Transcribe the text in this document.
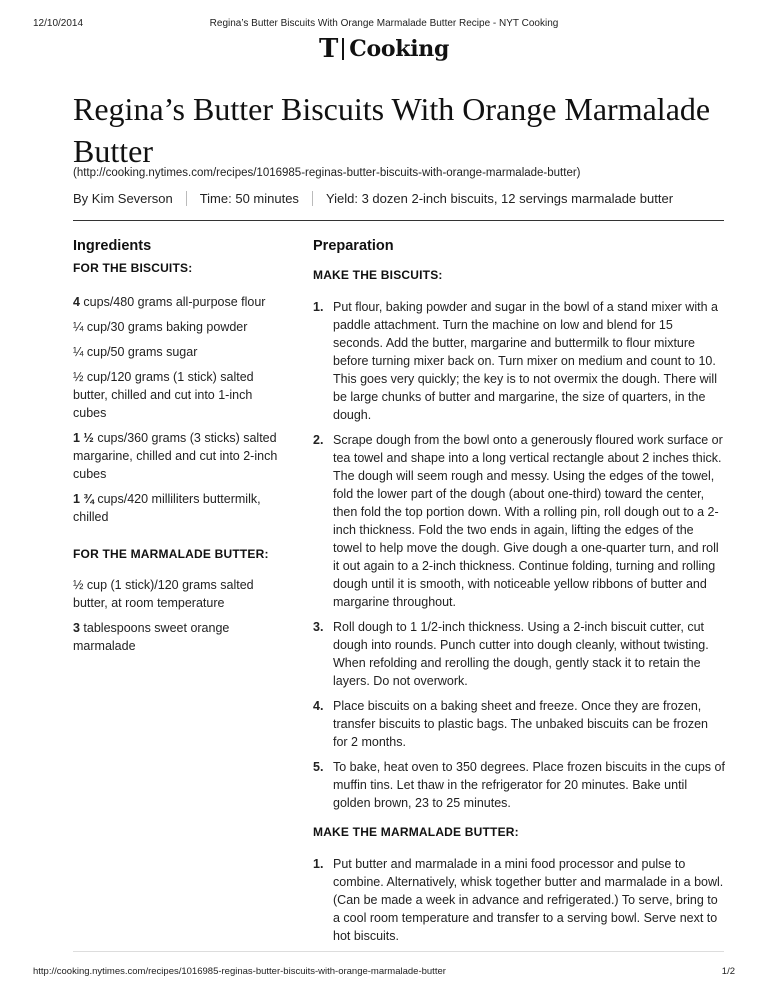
12/10/2014	Regina’s Butter Biscuits With Orange Marmalade Butter Recipe - NYT Cooking
T Cooking
Regina’s Butter Biscuits With Orange Marmalade Butter
(http://cooking.nytimes.com/recipes/1016985-reginas-butter-biscuits-with-orange-marmalade-butter)
By Kim Severson Time: 50 minutes Yield: 3 dozen 2-inch biscuits, 12 servings marmalade butter
Ingredients
FOR THE BISCUITS:
4 cups/480 grams all-purpose flour
¼ cup/30 grams baking powder
¼ cup/50 grams sugar
½ cup/120 grams (1 stick) salted butter, chilled and cut into 1-inch cubes
1 ½ cups/360 grams (3 sticks) salted margarine, chilled and cut into 2-inch cubes
1 ¾ cups/420 milliliters buttermilk, chilled
FOR THE MARMALADE BUTTER:
½ cup (1 stick)/120 grams salted butter, at room temperature
3 tablespoons sweet orange marmalade
Preparation
MAKE THE BISCUITS:
1. Put flour, baking powder and sugar in the bowl of a stand mixer with a paddle attachment. Turn the machine on low and blend for 15 seconds. Add the butter, margarine and buttermilk to flour mixture before turning mixer back on. Turn mixer on medium and count to 10. This goes very quickly; the key is to not overmix the dough. There will be large chunks of butter and margarine, the size of quarters, in the dough.
2. Scrape dough from the bowl onto a generously floured work surface or tea towel and shape into a long vertical rectangle about 2 inches thick. The dough will seem rough and messy. Using the edges of the towel, fold the lower part of the dough (about one-third) toward the center, then fold the top portion down. With a rolling pin, roll dough out to a 2-inch thickness. Fold the two ends in again, lifting the edges of the towel to help move the dough. Give dough a one-quarter turn, and roll it out again to a 2-inch thickness. Continue folding, turning and rolling dough until it is smooth, with noticeable yellow ribbons of butter and margarine throughout.
3. Roll dough to 1 1/2-inch thickness. Using a 2-inch biscuit cutter, cut dough into rounds. Punch cutter into dough cleanly, without twisting. When refolding and rerolling the dough, gently stack it to retain the layers. Do not overwork.
4. Place biscuits on a baking sheet and freeze. Once they are frozen, transfer biscuits to plastic bags. The unbaked biscuits can be frozen for 2 months.
5. To bake, heat oven to 350 degrees. Place frozen biscuits in the cups of muffin tins. Let thaw in the refrigerator for 20 minutes. Bake until golden brown, 23 to 25 minutes.
MAKE THE MARMALADE BUTTER:
1. Put butter and marmalade in a mini food processor and pulse to combine. Alternatively, whisk together butter and marmalade in a bowl. (Can be made a week in advance and refrigerated.) To serve, bring to a cool room temperature and transfer to a serving bowl. Serve next to hot biscuits.
http://cooking.nytimes.com/recipes/1016985-reginas-butter-biscuits-with-orange-marmalade-butter	1/2
